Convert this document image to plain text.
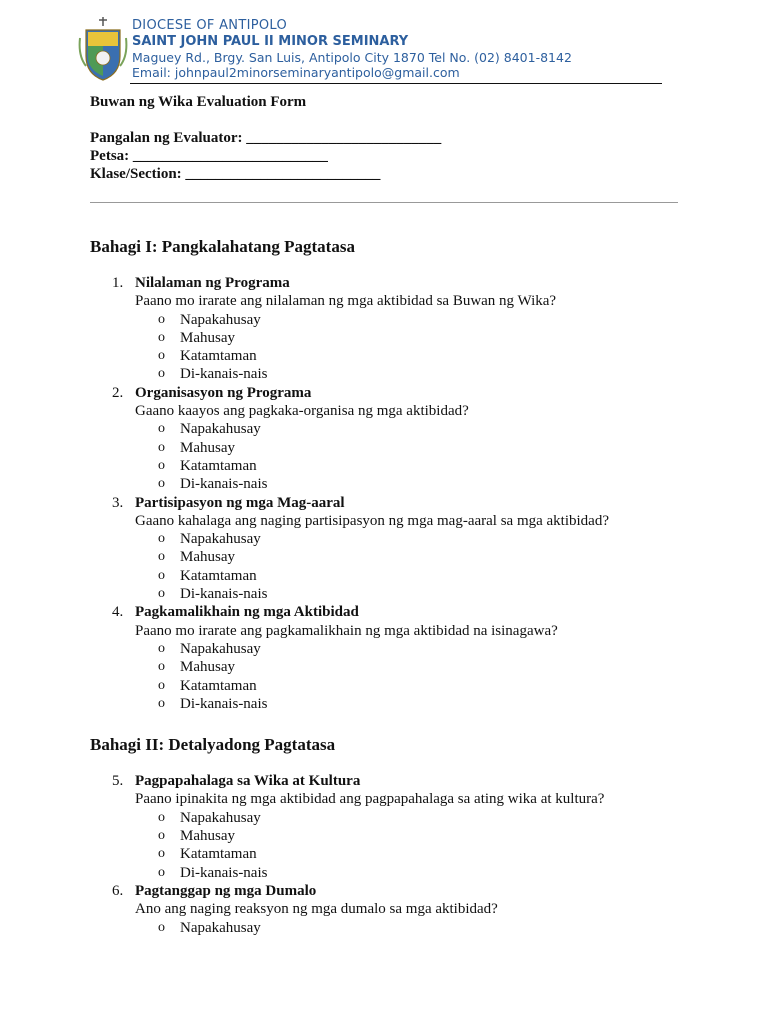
DIOCESE OF ANTIPOLO
SAINT JOHN PAUL II MINOR SEMINARY
Maguey Rd., Brgy. San Luis, Antipolo City 1870 Tel No. (02) 8401-8142
Email: johnpaul2minorseminaryantipolo@gmail.com
Buwan ng Wika Evaluation Form
Pangalan ng Evaluator: __________________________
Petsa: __________________________
Klase/Section: __________________________
Bahagi I: Pangkalahatang Pagtatasa
1. Nilalaman ng Programa
Paano mo irarate ang nilalaman ng mga aktibidad sa Buwan ng Wika?
o Napakahusay
o Mahusay
o Katamtaman
o Di-kanais-nais
2. Organisasyon ng Programa
Gaano kaayos ang pagkaka-organisa ng mga aktibidad?
o Napakahusay
o Mahusay
o Katamtaman
o Di-kanais-nais
3. Partisipasyon ng mga Mag-aaral
Gaano kahalaga ang naging partisipasyon ng mga mag-aaral sa mga aktibidad?
o Napakahusay
o Mahusay
o Katamtaman
o Di-kanais-nais
4. Pagkamalikhain ng mga Aktibidad
Paano mo irarate ang pagkamalikhain ng mga aktibidad na isinagawa?
o Napakahusay
o Mahusay
o Katamtaman
o Di-kanais-nais
Bahagi II: Detalyadong Pagtatasa
5. Pagpapahalaga sa Wika at Kultura
Paano ipinakita ng mga aktibidad ang pagpapahalaga sa ating wika at kultura?
o Napakahusay
o Mahusay
o Katamtaman
o Di-kanais-nais
6. Pagtanggap ng mga Dumalo
Ano ang naging reaksyon ng mga dumalo sa mga aktibidad?
o Napakahusay
